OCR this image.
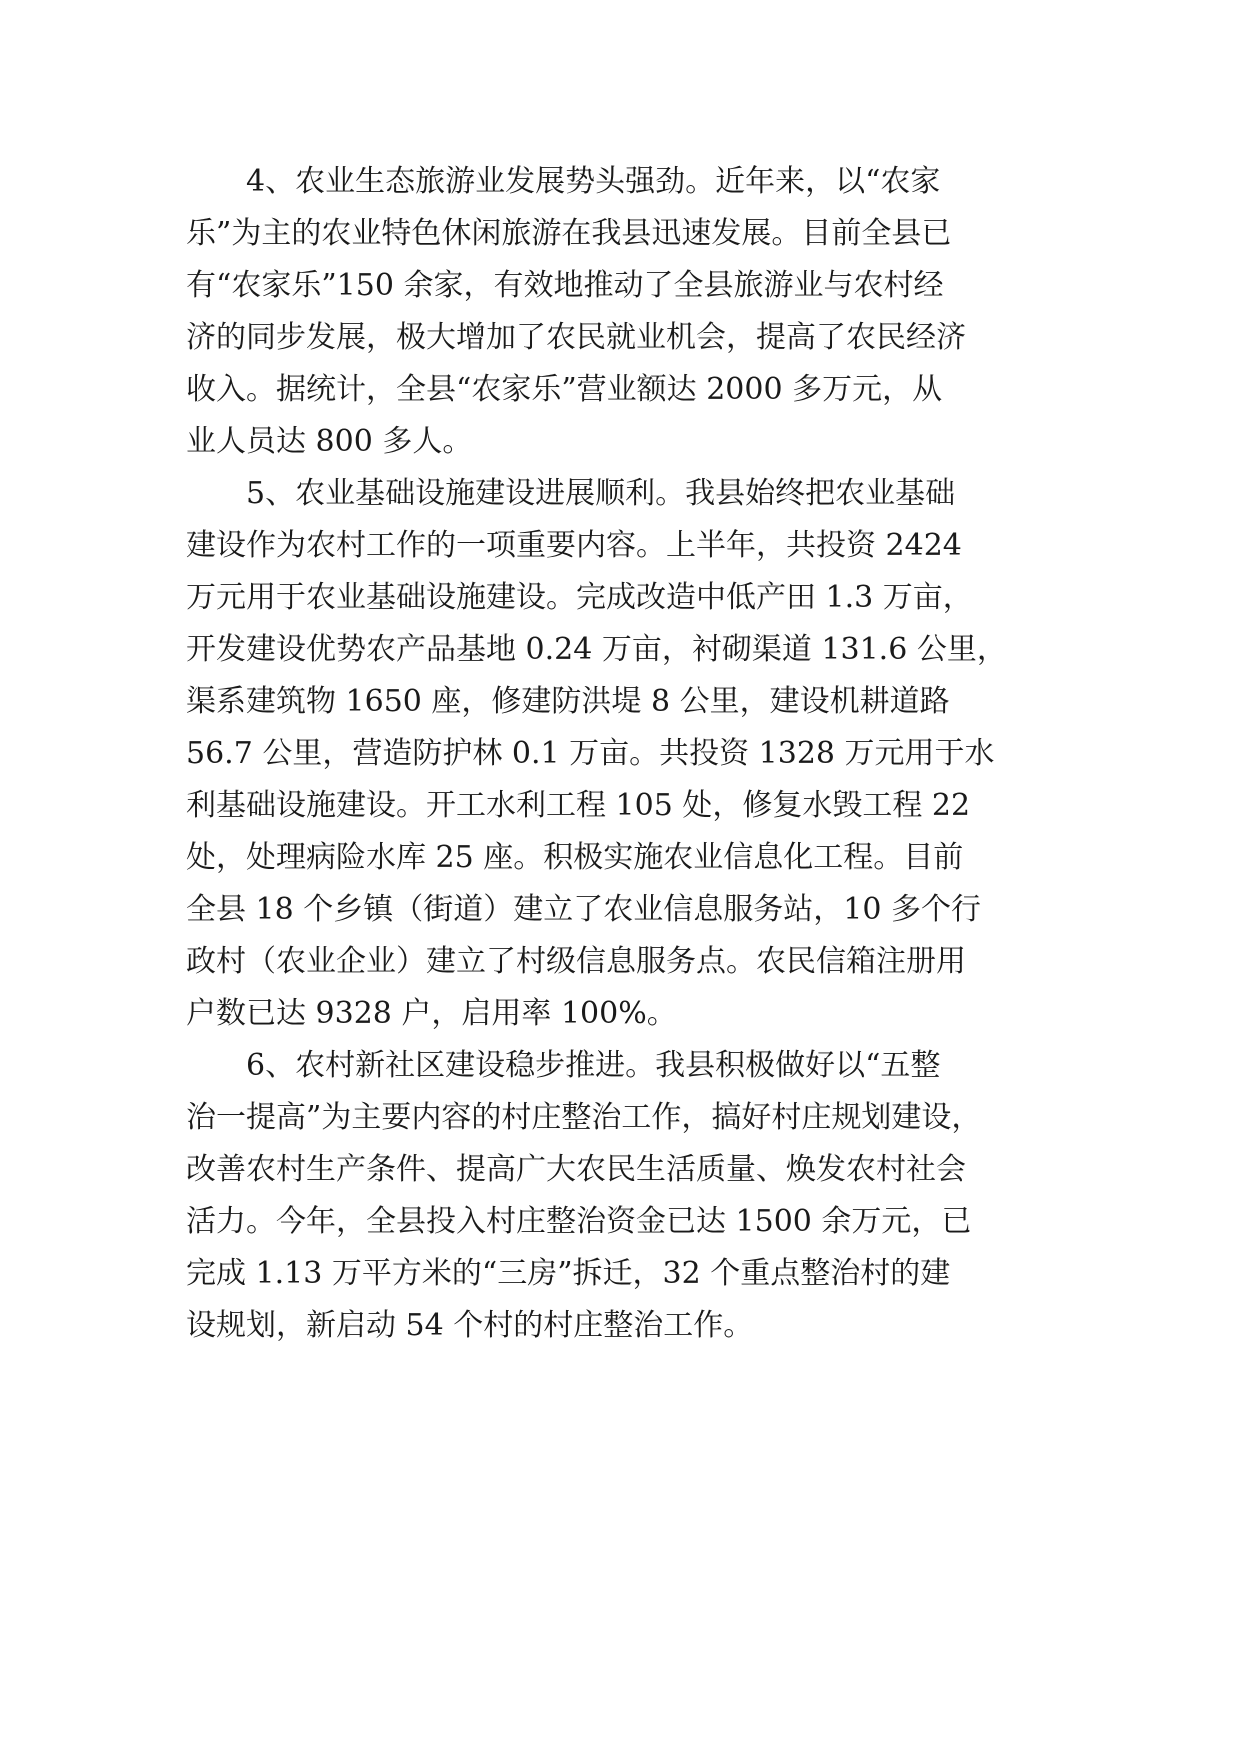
4、农业生态旅游业发展势头强劲。近年来，以“农家
乐”为主的农业特色休闲旅游在我县迅速发展。目前全县已
有“农家乐”150 余家，有效地推动了全县旅游业与农村经
济的同步发展，极大增加了农民就业机会，提高了农民经济
收入。据统计，全县“农家乐”营业额达 2000 多万元，从
业人员达 800 多人。
5、农业基础设施建设进展顺利。我县始终把农业基础
建设作为农村工作的一项重要内容。上半年，共投资 2424
万元用于农业基础设施建设。完成改造中低产田 1.3 万亩，
开发建设优势农产品基地 0.24 万亩，衬砌渠道 131.6 公里，
渠系建筑物 1650 座，修建防洪堤 8 公里，建设机耕道路
56.7 公里，营造防护林 0.1 万亩。共投资 1328 万元用于水
利基础设施建设。开工水利工程 105 处，修复水毁工程 22
处，处理病险水库 25 座。积极实施农业信息化工程。目前
全县 18 个乡镇（街道）建立了农业信息服务站，10 多个行
政村（农业企业）建立了村级信息服务点。农民信箱注册用
户数已达 9328 户，启用率 100%。
6、农村新社区建设稳步推进。我县积极做好以“五整
治一提高”为主要内容的村庄整治工作，搞好村庄规划建设，
改善农村生产条件、提高广大农民生活质量、焕发农村社会
活力。今年，全县投入村庄整治资金已达 1500 余万元，已
完成 1.13 万平方米的“三房”拆迁，32 个重点整治村的建
设规划，新启动 54 个村的村庄整治工作。
